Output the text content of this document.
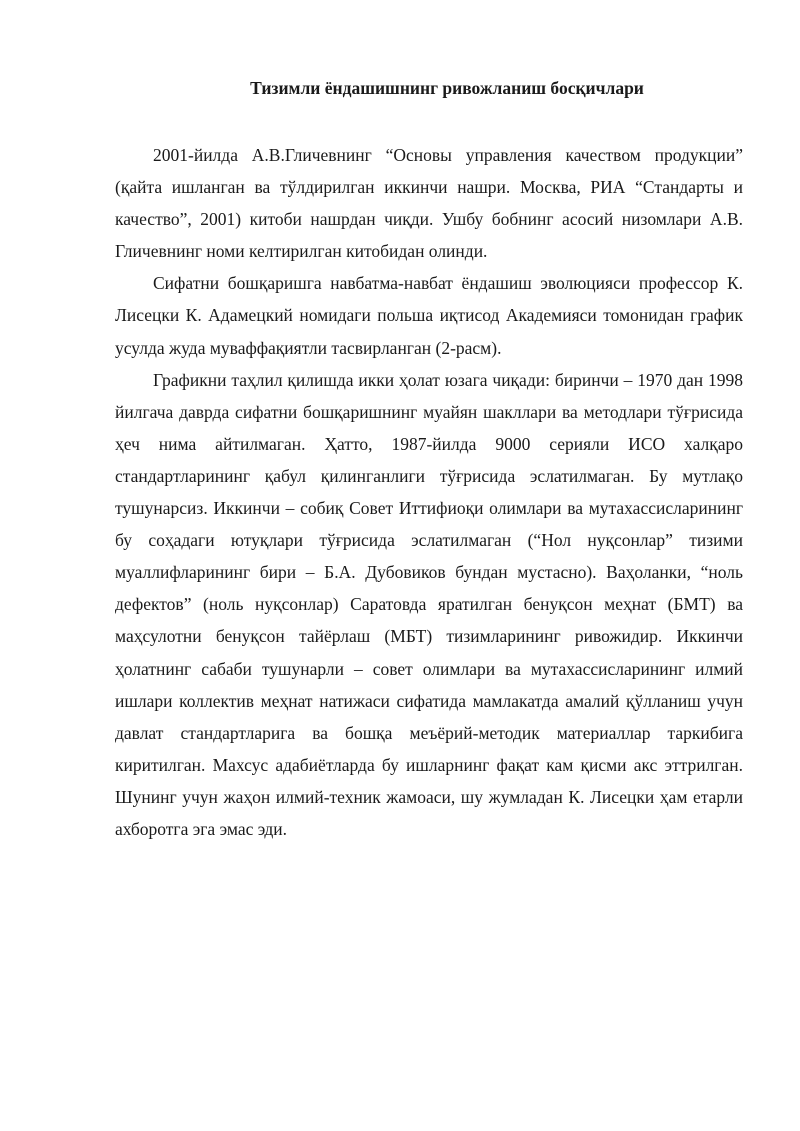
Тизимли ёндашишнинг ривожланиш босқичлари

2001-йилда А.В.Гличевнинг “Основы управления качеством продукции” (қайта ишланган ва тўлдирилган иккинчи нашри. Москва, РИА “Стандарты и качество”, 2001) китоби нашрдан чиқди. Ушбу бобнинг асосий низомлари А.В. Гличевнинг номи келтирилган китобидан олинди.

Сифатни бошқаришга навбатма-навбат ёндашиш эволюцияси профессор К. Лисецки К. Адамецкий номидаги польша иқтисод Академияси томонидан график усулда жуда муваффақиятли тасвирланган (2-расм).

Графикни таҳлил қилишда икки ҳолат юзага чиқади: биринчи – 1970 дан 1998 йилгача даврда сифатни бошқаришнинг муайян шакллари ва методлари тўғрисида ҳеч нима айтилмаган. Ҳатто, 1987-йилда 9000 серияли ИСО халқаро стандартларининг қабул қилинганлиги тўғрисида эслатилмаган. Бу мутлақо тушунарсиз. Иккинчи – собиқ Совет Иттифиоқи олимлари ва мутахассисларининг бу соҳадаги ютуқлари тўғрисида эслатилмаган (“Нол нуқсонлар” тизими муаллифларининг бири – Б.А. Дубовиков бундан мустасно). Ваҳоланки, “ноль дефектов” (ноль нуқсонлар) Саратовда яратилган бенуқсон меҳнат (БМТ) ва маҳсулотни бенуқсон тайёрлаш (МБТ) тизимларининг ривожидир. Иккинчи ҳолатнинг сабаби тушунарли – совет олимлари ва мутахассисларининг илмий ишлари коллектив меҳнат натижаси сифатида мамлакатда амалий қўлланиш учун давлат стандартларига ва бошқа меъёрий-методик материаллар таркибига киритилган. Махсус адабиётларда бу ишларнинг фақат кам қисми акс эттрилган. Шунинг учун жаҳон илмий-техник жамоаси, шу жумладан К. Лисецки ҳам етарли ахборотга эга эмас эди.
